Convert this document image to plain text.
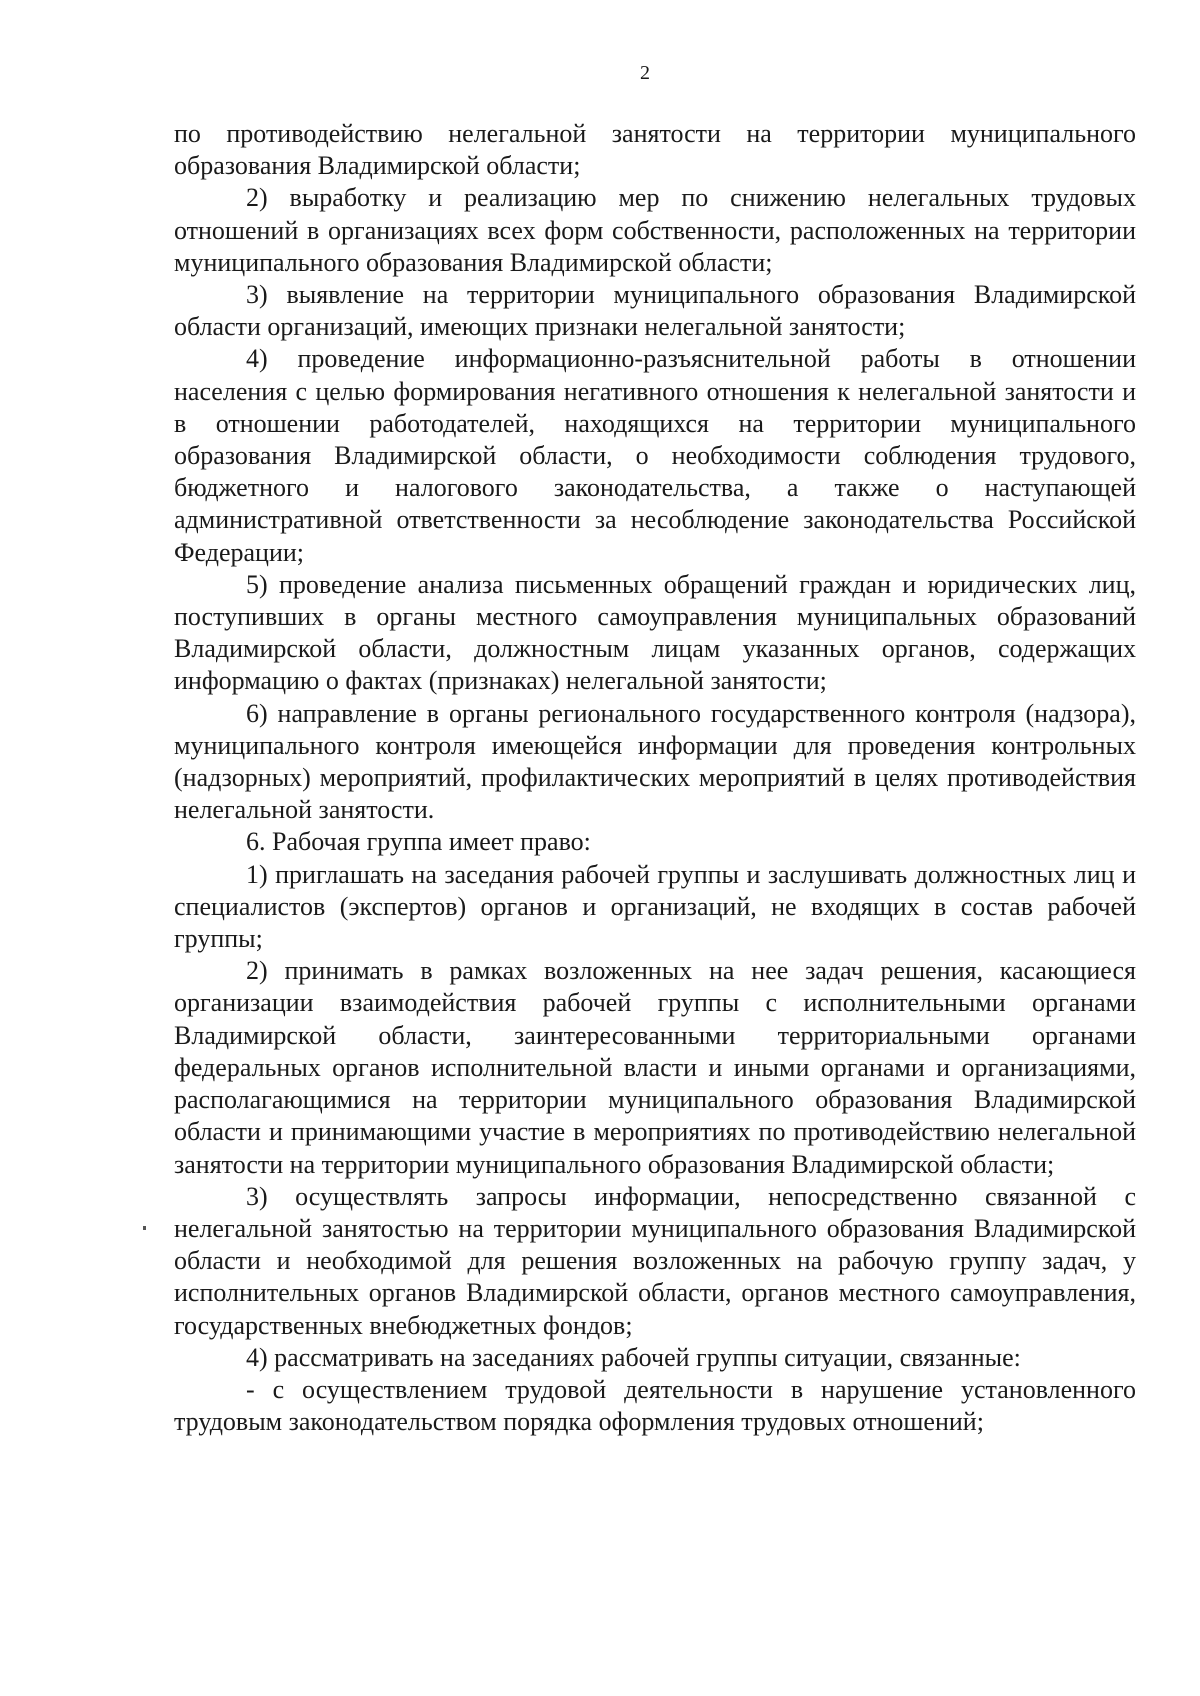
2

по противодействию нелегальной занятости на территории муниципального образования Владимирской области;

2) выработку и реализацию мер по снижению нелегальных трудовых отношений в организациях всех форм собственности, расположенных на территории муниципального образования Владимирской области;

3) выявление на территории муниципального образования Владимирской области организаций, имеющих признаки нелегальной занятости;

4) проведение информационно-разъяснительной работы в отношении населения с целью формирования негативного отношения к нелегальной занятости и в отношении работодателей, находящихся на территории муниципального образования Владимирской области, о необходимости соблюдения трудового, бюджетного и налогового законодательства, а также о наступающей административной ответственности за несоблюдение законодательства Российской Федерации;

5) проведение анализа письменных обращений граждан и юридических лиц, поступивших в органы местного самоуправления муниципальных образований Владимирской области, должностным лицам указанных органов, содержащих информацию о фактах (признаках) нелегальной занятости;

6) направление в органы регионального государственного контроля (надзора), муниципального контроля имеющейся информации для проведения контрольных (надзорных) мероприятий, профилактических мероприятий в целях противодействия нелегальной занятости.

6. Рабочая группа имеет право:

1) приглашать на заседания рабочей группы и заслушивать должностных лиц и специалистов (экспертов) органов и организаций, не входящих в состав рабочей группы;

2) принимать в рамках возложенных на нее задач решения, касающиеся организации взаимодействия рабочей группы с исполнительными органами Владимирской области, заинтересованными территориальными органами федеральных органов исполнительной власти и иными органами и организациями, располагающимися на территории муниципального образования Владимирской области и принимающими участие в мероприятиях по противодействию нелегальной занятости на территории муниципального образования Владимирской области;

3) осуществлять запросы информации, непосредственно связанной с нелегальной занятостью на территории муниципального образования Владимирской области и необходимой для решения возложенных на рабочую группу задач, у исполнительных органов Владимирской области, органов местного самоуправления, государственных внебюджетных фондов;

4) рассматривать на заседаниях рабочей группы ситуации, связанные:

- с осуществлением трудовой деятельности в нарушение установленного трудовым законодательством порядка оформления трудовых отношений;
